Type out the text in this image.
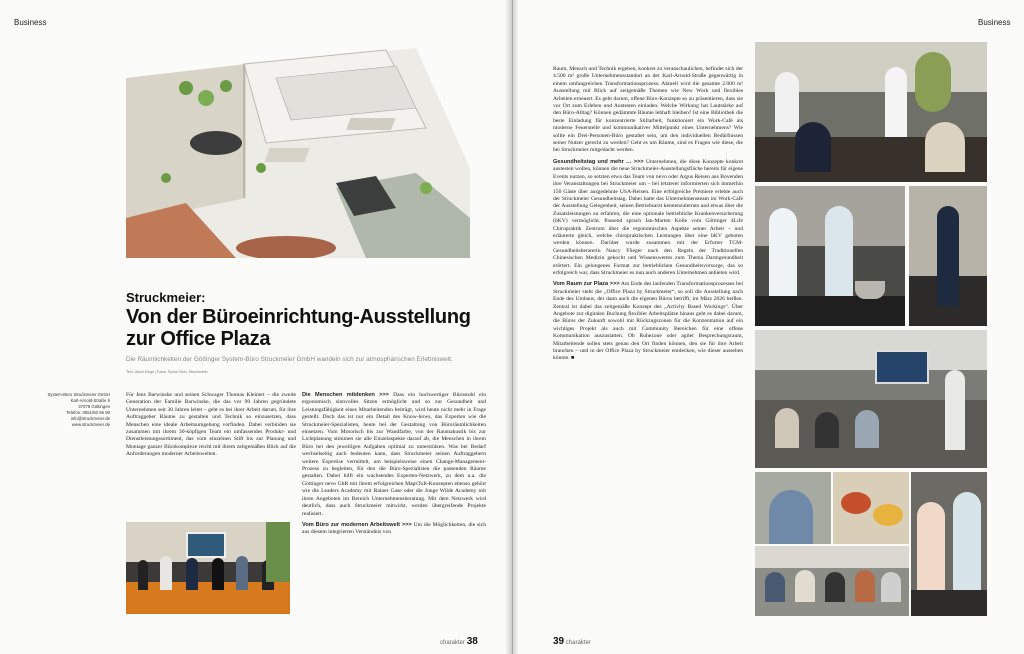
Business
Struckmeier:
Von der Büroeinrichtung-Ausstellung zur Office Plaza
Die Räumlichkeiten der Göttinger System-Büro Struckmeier GmbH wandeln sich zur atmosphärischen Erlebniswelt.
Text: Ulrich Kluge | Fotos: Sylvia Stein, Struckmeier
System-Büro Struckmeier GmbH
Karl-Arnold-Straße 6
37079 Göttingen
Telefon: 0551/50 66 90
info@struckmeier.de
www.struckmeier.de

Für Jens Barwinske und seinen Schwager Thomas Kleinert – die zweite Generation der Familie Barwinske, die das vor 90 Jahren gegründete Unternehmen seit 30 Jahren leitet – geht es bei ihrer Arbeit darum, für ihre Auftraggeber Räume zu gestalten und Technik so einzusetzen, dass Menschen eine ideale Arbeitsumgebung vorfinden. Dabei verbinden sie zusammen mit ihrem 30-köpfigen Team ein umfassendes Produkt- und Dienstleistungssortiment, das vom einzelnen Stift bis zur Planung und Montage ganzer Bürokomplexe reicht mit ihrem zeitgemäßen Blick auf die Anforderungen moderner Arbeitswelten.

Die Menschen mitdenken >>> Dass ein hochwertiger Bürostuhl ein ergonomisch sinnvolles Sitzen ermöglicht und so zur Gesundheit und Leistungsfähigkeit eines Mitarbeitenden beiträgt, wird heute nicht mehr in Frage gestellt. Doch das ist nur ein Detail des Know-hows, das Experten wie die Struckmeier-Spezialisten, heute bei der Gestaltung von Büroräumlichkeiten einsetzen. Vom Motorisch bis zur Wandfarbe, von der Raumakustik bis zur Lichtplanung stimmen sie alle Einzelaspekte darauf ab, die Menschen in ihrem Büro bei den jeweiligen Aufgaben optimal zu unterstützen. Was bei Bedarf wechselseitig auch bedeuten kann, dass Struckmeier seinen Auftraggebern weitere Expertise vermittelt, um beispielsweise einen Change-Management-Prozess zu begleiten, für den die Büro-Spezialisten die passenden Räume gestalten. Dabei hilft ein wachsendes Experten-Netzwerk, zu dem u.a. die Göttinger nevo GbR mit ihrem erfolgreichen MapsToIt-Konzepten ebenso gehört wie die Leaders Academy mit Rainer Gase oder die Junge Wilde Academy mit ihren Angeboten im Bereich Unternehmensberatung. Mit dem Netzwerk wird deutlich, dass auch Struckmeier mitwirkt, werden übergreifende Projekte realisiert.

Vom Büro zur modernen Arbeitswelt >>> Um die Möglichkeiten, die sich aus diesem integrierten Verständnis von

charakter 38
Business

Raum, Mensch und Technik ergeben, konkret zu veranschaulichen, befindet sich der 4.500 m² große Unternehmensstandort an der Karl-Arnold-Straße gegenwärtig in einem umfangreichen Transformationsprozess. Aktuell wird die gesamte 2.000 m² Ausstellung mit Blick auf zeitgemäße Themen wie New Work und flexibles Arbeiten erneuert. Es geht darum, offene Büro-Konzepte so zu präsentieren, dass sie vor Ort zum Erleben und Austesten einladen. Welche Wirkung hat Lautstärke auf den Büro-Alltag? Können gedämmte Räume lebhaft bleiben? Ist eine Bibliothek die beste Einladung für konzentrierte Stillarbeit, funktioniert ein Work-Café als moderne Feuerstelle und kommunikativer Mittelpunkt eines Unternehmens? Wie sollte ein Drei-Personen-Büro gestaltet sein, um den individuellen Bedürfnissen seiner Nutzer gerecht zu werden? Geht es um Räume, sind es Fragen wie diese, die bei Struckmeier mitgedacht werden.

Gesundheitstag und mehr … >>> Unternehmen, die diese Konzepte konkret austesten wollen, können die neue Struckmeier-Ausstellungsfläche bereits für eigene Events nutzen, so setzten etwa das Team von nevo oder Argus Reisen aus Bovenden ihre Veranstaltungen bei Struckmeier um – bei letzterer informierten sich immerhin 150 Gäste über ausgedehnte USA-Reisen. Eine erfolgreiche Premiere erlebte auch der Struckmeier Gesundheitstag. Dabei hatte das Unternehmensteam im Work-Café der Ausstellung Gelegenheit, seinen Betriebsarzt kennenzulernen und etwas über die Zusatzleistungen zu erfahren, die eine optionale betriebliche Krankenversicherung (bKV) vermöglicht. Passend sprach Jan-Marten Kolle vom Göttinger 4Life Chiropraktik Zentrum über die ergonomischen Aspekte seiner Arbeit – und erläuterte gleich, welche chiropraktischen Leistungen über eine bKV geboten werden können. Darüber wurde zusammen mit der Erfurter TCM-Gesundheitsberaterin Nancy Flieger nach den Regeln der Traditionellen Chinesischen Medizin gekocht und Wissenswertes zum Thema Darmgesundheit erörtert. Ein gelungenes Format zur betrieblichen Gesundheitsvorsorge, das so erfolgreich war, dass Struckmeier es nun auch anderen Unternehmen anbieten wird.

Vom Raum zur Plaza >>> Am Ende des laufenden Transformationsprozesses bei Struckmeier steht die „Office Plaza by Struckmeier“, so soll die Ausstellung nach Ende des Umbaus, der dann auch die eigenen Büros betrifft, im März 2026 heißen. Zentral ist dabei das zeitgemäße Konzept des „Activity Based Workings“. Über Angebote zur digitalen Buchung flexibler Arbeitsplätze hinaus geht es dabei darum, die Büros der Zukunft sowohl mit Rückzugszonen für die Konzentration auf ein wichtiges Projekt als auch mit Community Bereichen für eine offene Kommunikation auszustatten. Ob Ruhezone oder agiler Besprechungsraum, Mitarbeitende sollen stets genau den Ort finden können, den sie für ihre Arbeit brauchen – und in der Office Plaza by Struckmeier entdecken, wie dieser aussehen könnte. ■

39 charakter
